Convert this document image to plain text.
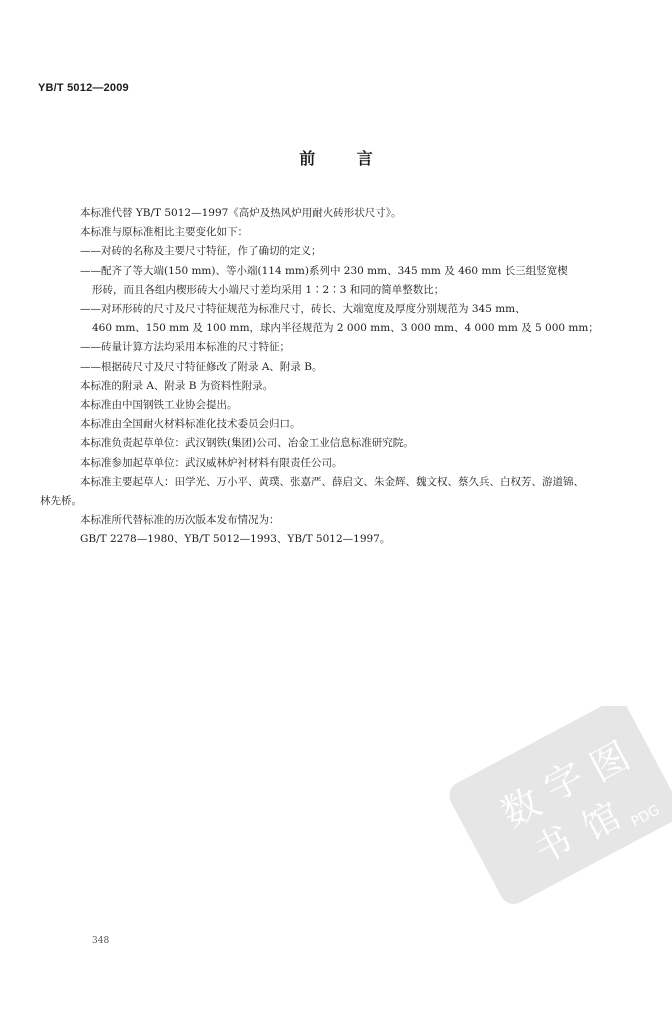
YB/T 5012—2009
前 言
本标准代替 YB/T 5012—1997《高炉及热风炉用耐火砖形状尺寸》。
本标准与原标准相比主要变化如下：
——对砖的名称及主要尺寸特征，作了确切的定义；
——配齐了等大端(150 mm)、等小端(114 mm)系列中 230 mm、345 mm 及 460 mm 长三组竖宽楔
形砖，而且各组内楔形砖大小端尺寸差均采用 1∶2∶3 和同的简单整数比；
——对环形砖的尺寸及尺寸特征规范为标准尺寸，砖长、大端宽度及厚度分别规范为 345 mm、
460 mm、150 mm 及 100 mm，球内半径规范为 2 000 mm、3 000 mm、4 000 mm 及 5 000 mm；
——砖量计算方法均采用本标准的尺寸特征；
——根据砖尺寸及尺寸特征修改了附录 A、附录 B。
本标准的附录 A、附录 B 为资料性附录。
本标准由中国钢铁工业协会提出。
本标准由全国耐火材料标准化技术委员会归口。
本标准负责起草单位：武汉钢铁(集团)公司、冶金工业信息标准研究院。
本标准参加起草单位：武汉威林炉衬材料有限责任公司。
本标准主要起草人：田学光、万小平、黄璞、张嘉严、薛启文、朱金辉、魏文权、蔡久兵、白权芳、游道锦、
林先桥。
本标准所代替标准的历次版本发布情况为：
GB/T 2278—1980、YB/T 5012—1993、YB/T 5012—1997。
348
数
字
图
书
馆 PDG
